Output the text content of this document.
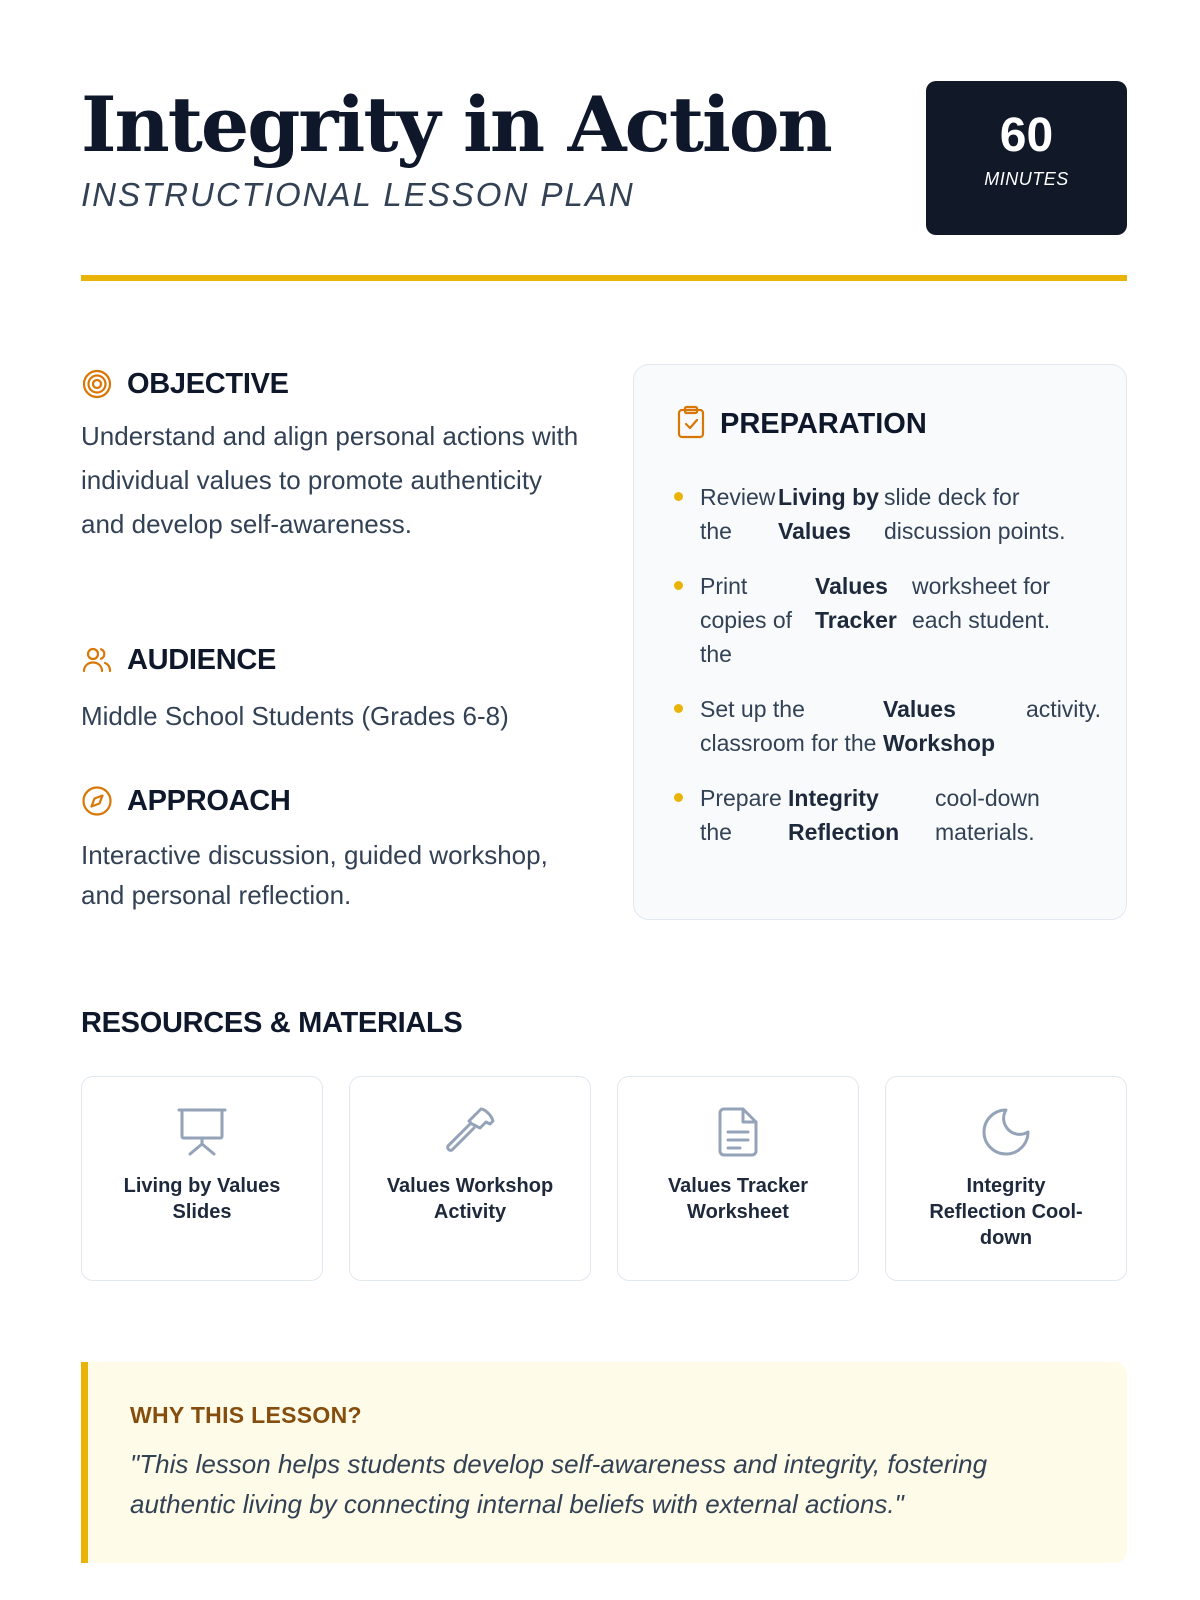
Integrity in Action
INSTRUCTIONAL LESSON PLAN
60
MINUTES
OBJECTIVE

Understand and align personal actions with individual values to promote authenticity and develop self-awareness.

AUDIENCE

Middle School Students (Grades 6-8)

APPROACH

Interactive discussion, guided workshop, and personal reflection.

PREPARATION
Review the
Living by Values
slide deck for discussion points.
Print copies of the
Values Tracker
worksheet for each student.
Set up the classroom for the
Values Workshop
activity.
Prepare the
Integrity Reflection
cool-down materials.
RESOURCES & MATERIALS
Living by Values Slides
Values Workshop Activity
Values Tracker Worksheet
Integrity Reflection Cool-down
WHY THIS LESSON?

"This lesson helps students develop self-awareness and integrity, fostering authentic living by connecting internal beliefs with external actions."
